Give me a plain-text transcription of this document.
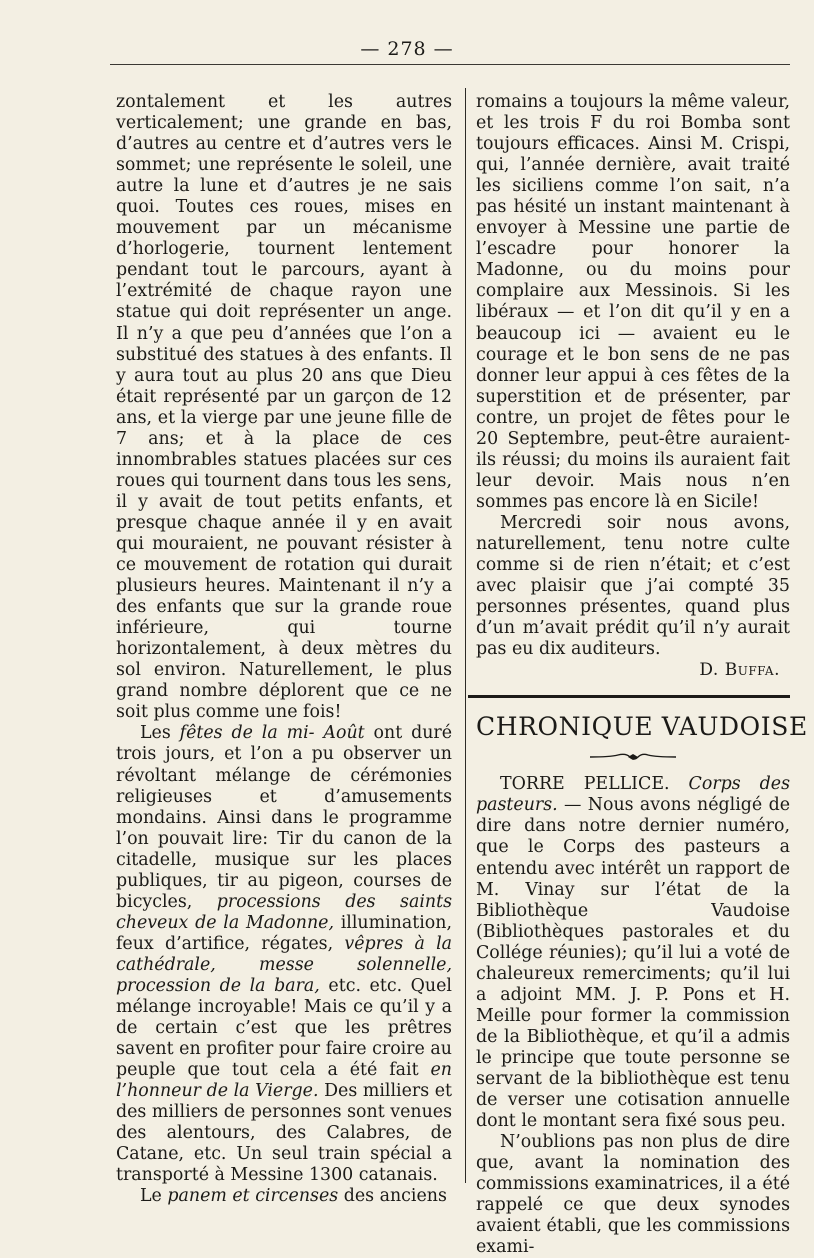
— 278 —

zontalement et les autres verticalement; une grande en bas, d’autres au centre et d’autres vers le sommet; une représente le soleil, une autre la lune et d’autres je ne sais quoi. Toutes ces roues, mises en mouvement par un mécanisme d’horlogerie, tournent lentement pendant tout le parcours, ayant à l’extrémité de chaque rayon une statue qui doit représenter un ange. Il n’y a que peu d’années que l’on a substitué des statues à des enfants. Il y aura tout au plus 20 ans que Dieu était représenté par un garçon de 12 ans, et la vierge par une jeune fille de 7 ans; et à la place de ces innombrables statues placées sur ces roues qui tournent dans tous les sens, il y avait de tout petits enfants, et presque chaque année il y en avait qui mouraient, ne pouvant résister à ce mouvement de rotation qui durait plusieurs heures. Maintenant il n’y a des enfants que sur la grande roue inférieure, qui tourne horizontalement, à deux mètres du sol environ. Naturellement, le plus grand nombre déplorent que ce ne soit plus comme une fois!

Les fêtes de la mi- Août ont duré trois jours, et l’on a pu observer un révoltant mélange de cérémonies religieuses et d’amusements mondains. Ainsi dans le programme l’on pouvait lire: Tir du canon de la citadelle, musique sur les places publiques, tir au pigeon, courses de bicycles, processions des saints cheveux de la Madonne, illumination, feux d’artifice, régates, vêpres à la cathédrale, messe solennelle, procession de la bara, etc. etc. Quel mélange incroyable! Mais ce qu’il y a de certain c’est que les prêtres savent en profiter pour faire croire au peuple que tout cela a été fait en l’honneur de la Vierge. Des milliers et des milliers de personnes sont venues des alentours, des Calabres, de Catane, etc. Un seul train spécial a transporté à Messine 1300 catanais.

Le panem et circenses des anciens

romains a toujours la même valeur, et les trois F du roi Bomba sont toujours efficaces. Ainsi M. Crispi, qui, l’année dernière, avait traité les siciliens comme l’on sait, n’a pas hésité un instant maintenant à envoyer à Messine une partie de l’escadre pour honorer la Madonne, ou du moins pour complaire aux Messinois. Si les libéraux — et l’on dit qu’il y en a beaucoup ici — avaient eu le courage et le bon sens de ne pas donner leur appui à ces fêtes de la superstition et de présenter, par contre, un projet de fêtes pour le 20 Septembre, peut-être auraient-ils réussi; du moins ils auraient fait leur devoir. Mais nous n’en sommes pas encore là en Sicile!

Mercredi soir nous avons, naturellement, tenu notre culte comme si de rien n’était; et c’est avec plaisir que j’ai compté 35 personnes présentes, quand plus d’un m’avait prédit qu’il n’y aurait pas eu dix auditeurs.

D. Buffa.
CHRONIQUE VAUDOISE

TORRE PELLICE. Corps des pasteurs. — Nous avons négligé de dire dans notre dernier numéro, que le Corps des pasteurs a entendu avec intérêt un rapport de M. Vinay sur l’état de la Bibliothèque Vaudoise (Bibliothèques pastorales et du Collége réunies); qu’il lui a voté de chaleureux remerciments; qu’il lui a adjoint MM. J. P. Pons et H. Meille pour former la commission de la Bibliothèque, et qu’il a admis le principe que toute personne se servant de la bibliothèque est tenu de verser une cotisation annuelle dont le montant sera fixé sous peu.

N’oublions pas non plus de dire que, avant la nomination des commissions examinatrices, il a été rappelé ce que deux synodes avaient établi, que les commissions exami-
